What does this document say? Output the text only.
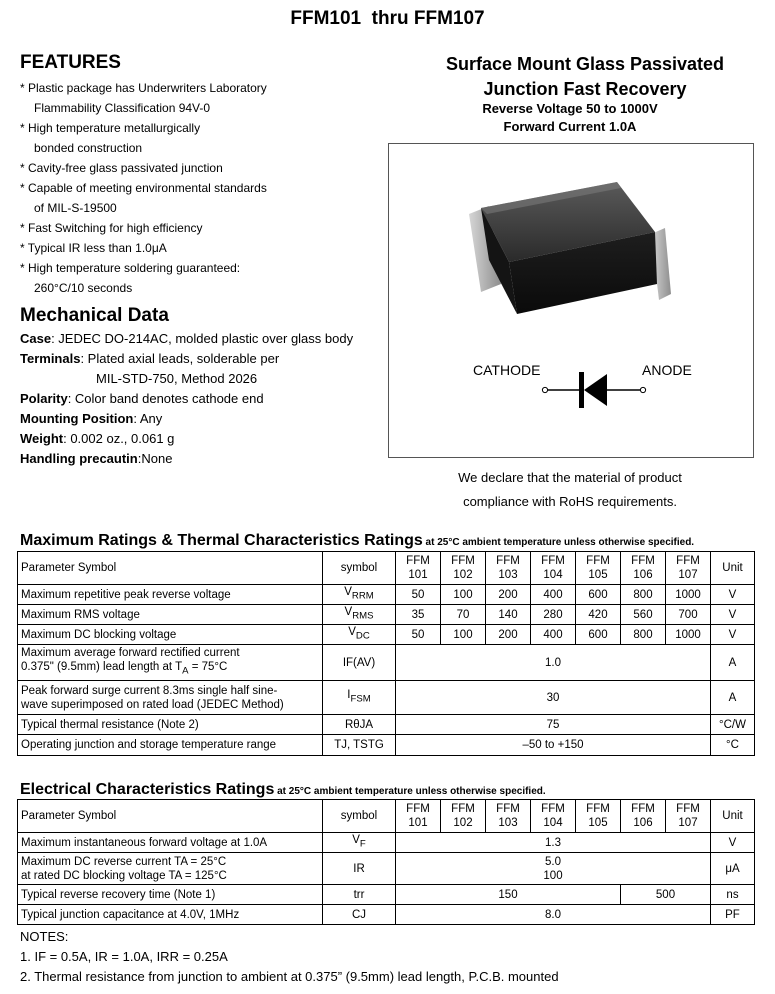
FFM101  thru FFM107
FEATURES
* Plastic package has Underwriters Laboratory
Flammability Classification 94V-0
* High temperature metallurgically
bonded construction
* Cavity-free glass passivated junction
* Capable of meeting environmental standards
of MIL-S-19500
* Fast Switching for high efficiency
* Typical IR less than 1.0μA
* High temperature soldering guaranteed:
260°C/10 seconds
Mechanical Data
Case: JEDEC DO-214AC, molded plastic over glass body
Terminals: Plated axial leads, solderable per
MIL-STD-750, Method 2026
Polarity: Color band denotes cathode end
Mounting Position: Any
Weight: 0.002 oz., 0.061 g
Handling precautin:None
Surface Mount Glass Passivated
Junction Fast Recovery
Reverse Voltage 50 to 1000V
Forward Current 1.0A
CATHODE	ANODE
We declare that the material of product
compliance with RoHS requirements.
Maximum Ratings & Thermal Characteristics Ratings at 25°C ambient temperature unless otherwise specified.
Parameter Symbol	symbol	FFM
101	FFM
102	FFM
103	FFM
104	FFM
105	FFM
106	FFM
107	Unit
Maximum repetitive peak reverse voltage	$V_{RRM}$	50	100	200	400	600	800	1000	V
Maximum RMS voltage	$V_{RMS}$	35	70	140	280	420	560	700	V
Maximum DC blocking voltage	$V_{DC}$	50	100	200	400	600	800	1000	V
Maximum average forward rectified current
0.375" (9.5mm) lead length at $T_A = 75^\circ C$	IF(AV)	1.0							A
Peak forward surge current 8.3ms single half sine-
wave superimposed on rated load (JEDEC Method)	$I_{FSM}$	30							A
Typical thermal resistance (Note 2)	RθJA	75							°C/W
Operating junction and storage temperature range	TJ, TSTG	–50 to +150							°C
Electrical Characteristics Ratings at 25°C ambient temperature unless otherwise specified.
Parameter Symbol	symbol	FFM
101	FFM
102	FFM
103	FFM
104	FFM
105	FFM
106	FFM
107	Unit
Maximum instantaneous forward voltage at 1.0A	$V_F$	1.3							V
Maximum DC reverse current TA = 25°C
at rated DC blocking voltage TA = 125°C	IR	5.0
100							μA
Typical reverse recovery time (Note 1)	trr	150					500		ns
Typical junction capacitance at 4.0V, 1MHz	CJ	8.0							PF
NOTES:
1. IF = 0.5A, IR = 1.0A, IRR = 0.25A
2. Thermal resistance from junction to ambient at 0.375” (9.5mm) lead length, P.C.B. mounted
